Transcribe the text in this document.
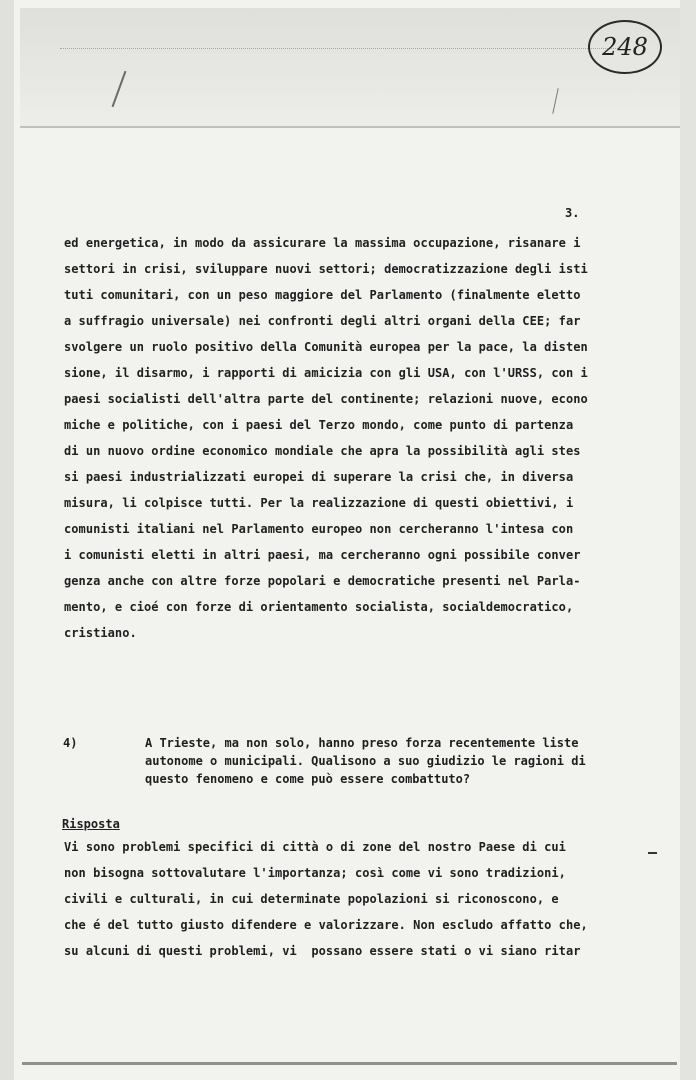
248
3.
ed energetica, in modo da assicurare la massima occupazione, risanare i
settori in crisi, sviluppare nuovi settori; democratizzazione degli isti
tuti comunitari, con un peso maggiore del Parlamento (finalmente eletto
a suffragio universale) nei confronti degli altri organi della CEE; far
svolgere un ruolo positivo della Comunità europea per la pace, la disten
sione, il disarmo, i rapporti di amicizia con gli USA, con l'URSS, con i
paesi socialisti dell'altra parte del continente; relazioni nuove, econo
miche e politiche, con i paesi del Terzo mondo, come punto di partenza
di un nuovo ordine economico mondiale che apra la possibilità agli stes
si paesi industrializzati europei di superare la crisi che, in diversa
misura, li colpisce tutti. Per la realizzazione di questi obiettivi, i
comunisti italiani nel Parlamento europeo non cercheranno l'intesa con
i comunisti eletti in altri paesi, ma cercheranno ogni possibile conver
genza anche con altre forze popolari e democratiche presenti nel Parla-
mento, e cioé con forze di orientamento socialista, socialdemocratico,
cristiano.
4)	A Trieste, ma non solo, hanno preso forza recentemente liste
autonome o municipali. Qualisono a suo giudizio le ragioni di
questo fenomeno e come può essere combattuto?
Risposta
Vi sono problemi specifici di città o di zone del nostro Paese di cui
non bisogna sottovalutare l'importanza; così come vi sono tradizioni,
civili e culturali, in cui determinate popolazioni si riconoscono, e
che é del tutto giusto difendere e valorizzare. Non escludo affatto che,
su alcuni di questi problemi, vi  possano essere stati o vi siano ritar
